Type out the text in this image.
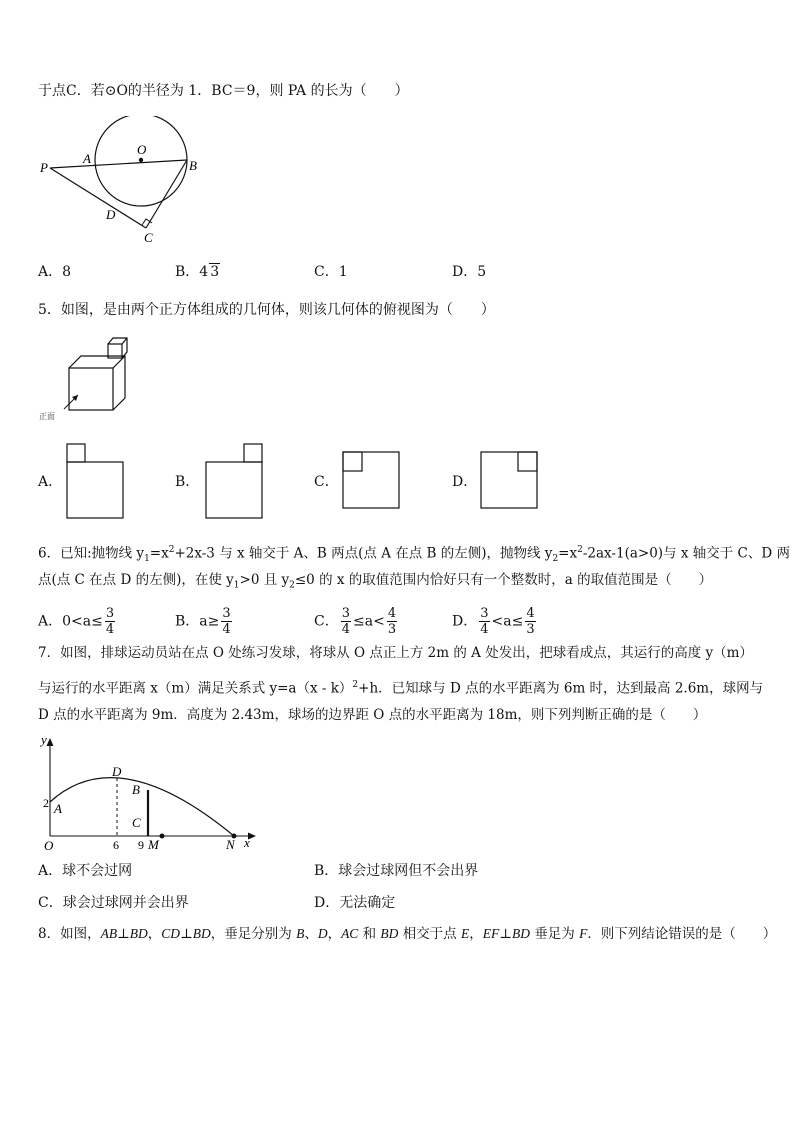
于点C．若⊙O的半径为 1．BC＝9，则 PA 的长为（　　）
P
A
O
B
D
C
A．8	B．4 3	C．1	D．5
5．如图，是由两个正方体组成的几何体，则该几何体的俯视图为（　　）
正面
A．	B．	C．	D．
6．已知:抛物线 $y_1=x^2+2x-3$ 与 x 轴交于 A、B 两点(点 A 在点 B 的左侧)，抛物线 $y_2=x^2-2ax-1(a>0)$与 x 轴交于 C、D 两
点(点 C 在点 D 的左侧)，在使 $y_1>0$ 且 $y_2\le 0$ 的 x 的取值范围内恰好只有一个整数时，a 的取值范围是（　　）
A．$0<a\le \frac{3}{4}$	B．$a\ge \frac{3}{4}$	C． $\frac{3}{4} \le a< \frac{4}{3}$	D． $\frac{3}{4} <a\le \frac{4}{3}$
7．如图，排球运动员站在点 O 处练习发球，将球从 O 点正上方 2m 的 A 处发出，把球看成点，其运行的高度 y（m）
与运行的水平距离 x（m）满足关系式 y=a（x - k）$^2$+h．已知球与 D 点的水平距离为 6m 时，达到最高 2.6m，球网与
D 点的水平距离为 9m．高度为 2.43m，球场的边界距 O 点的水平距离为 18m，则下列判断正确的是（　　）
y
x
O
2 A
D
B
C
6 9 M	N
A．球不会过网	B．球会过球网但不会出界
C．球会过球网并会出界	D．无法确定
8．如图，AB⊥BD，CD⊥BD，垂足分别为 B、D，AC 和 BD 相交于点 E，EF⊥BD 垂足为 F．则下列结论错误的是（　　）
